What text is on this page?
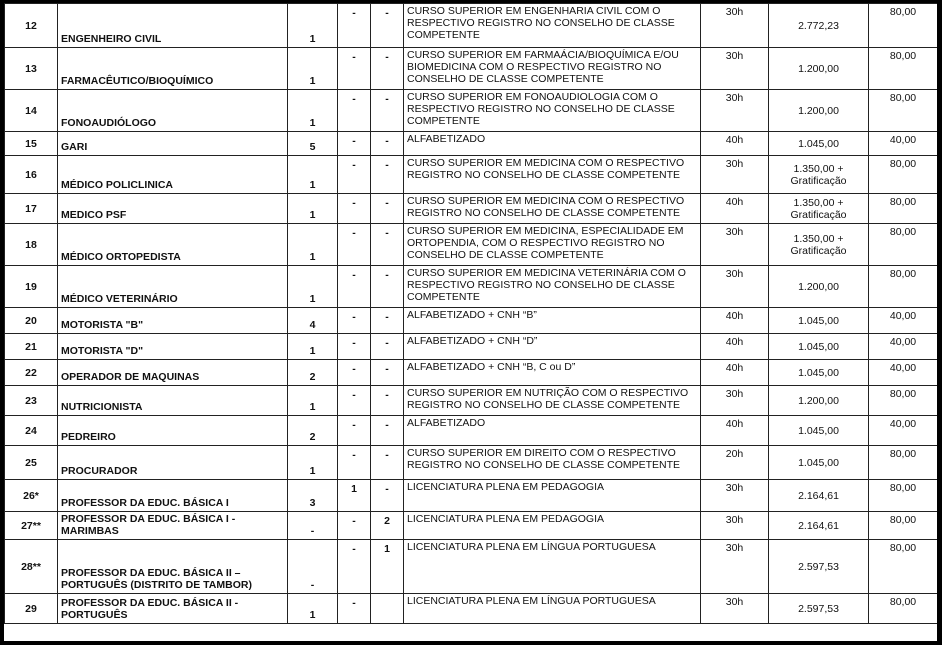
12	ENGENHEIRO CIVIL	1	-	-	CURSO SUPERIOR EM ENGENHARIA CIVIL COM O RESPECTIVO REGISTRO NO CONSELHO DE CLASSE COMPETENTE	30h	2.772,23	80,00
13	FARMACÊUTICO/BIOQUÍMICO	1	-	-	CURSO SUPERIOR EM FARMAÁCIA/BIOQUÍMICA E/OU BIOMEDICINA COM O RESPECTIVO REGISTRO NO CONSELHO DE CLASSE COMPETENTE	30h	1.200,00	80,00
14	FONOAUDIÓLOGO	1	-	-	CURSO SUPERIOR EM FONOAUDIOLOGIA COM O RESPECTIVO REGISTRO NO CONSELHO DE CLASSE COMPETENTE	30h	1.200,00	80,00
15	GARI	5	-	-	ALFABETIZADO	40h	1.045,00	40,00
16	MÉDICO POLICLINICA	1	-	-	CURSO SUPERIOR EM MEDICINA COM O RESPECTIVO REGISTRO NO CONSELHO DE CLASSE COMPETENTE	30h	1.350,00 + Gratificação	80,00
17	MEDICO PSF	1	-	-	CURSO SUPERIOR EM MEDICINA COM O RESPECTIVO REGISTRO NO CONSELHO DE CLASSE COMPETENTE	40h	1.350,00 + Gratificação	80,00
18	MÉDICO ORTOPEDISTA	1	-	-	CURSO SUPERIOR EM MEDICINA, ESPECIALIDADE EM ORTOPENDIA, COM O RESPECTIVO REGISTRO NO CONSELHO DE CLASSE COMPETENTE	30h	1.350,00 + Gratificação	80,00
19	MÉDICO VETERINÁRIO	1	-	-	CURSO SUPERIOR EM MEDICINA VETERINÁRIA COM O RESPECTIVO REGISTRO NO CONSELHO DE CLASSE COMPETENTE	30h	1.200,00	80,00
20	MOTORISTA "B"	4	-	-	ALFABETIZADO + CNH “B”	40h	1.045,00	40,00
21	MOTORISTA "D"	1	-	-	ALFABETIZADO + CNH “D”	40h	1.045,00	40,00
22	OPERADOR DE MAQUINAS	2	-	-	ALFABETIZADO + CNH “B, C ou D”	40h	1.045,00	40,00
23	NUTRICIONISTA	1	-	-	CURSO SUPERIOR EM NUTRIÇÃO COM O RESPECTIVO REGISTRO NO CONSELHO DE CLASSE COMPETENTE	30h	1.200,00	80,00
24	PEDREIRO	2	-	-	ALFABETIZADO	40h	1.045,00	40,00
25	PROCURADOR	1	-	-	CURSO SUPERIOR EM DIREITO COM O RESPECTIVO REGISTRO NO CONSELHO DE CLASSE COMPETENTE	20h	1.045,00	80,00
26*	PROFESSOR DA EDUC. BÁSICA I	3	1	-	LICENCIATURA PLENA EM PEDAGOGIA	30h	2.164,61	80,00
27**	PROFESSOR DA EDUC. BÁSICA I - MARIMBAS	-	-	2	LICENCIATURA PLENA EM PEDAGOGIA	30h	2.164,61	80,00
28**	PROFESSOR DA EDUC. BÁSICA II – PORTUGUÊS (DISTRITO DE TAMBOR)	-	-	1	LICENCIATURA PLENA EM LÍNGUA PORTUGUESA	30h	2.597,53	80,00
29	PROFESSOR DA EDUC. BÁSICA II - PORTUGUÊS	1	-		LICENCIATURA PLENA EM LÍNGUA PORTUGUESA	30h	2.597,53	80,00
